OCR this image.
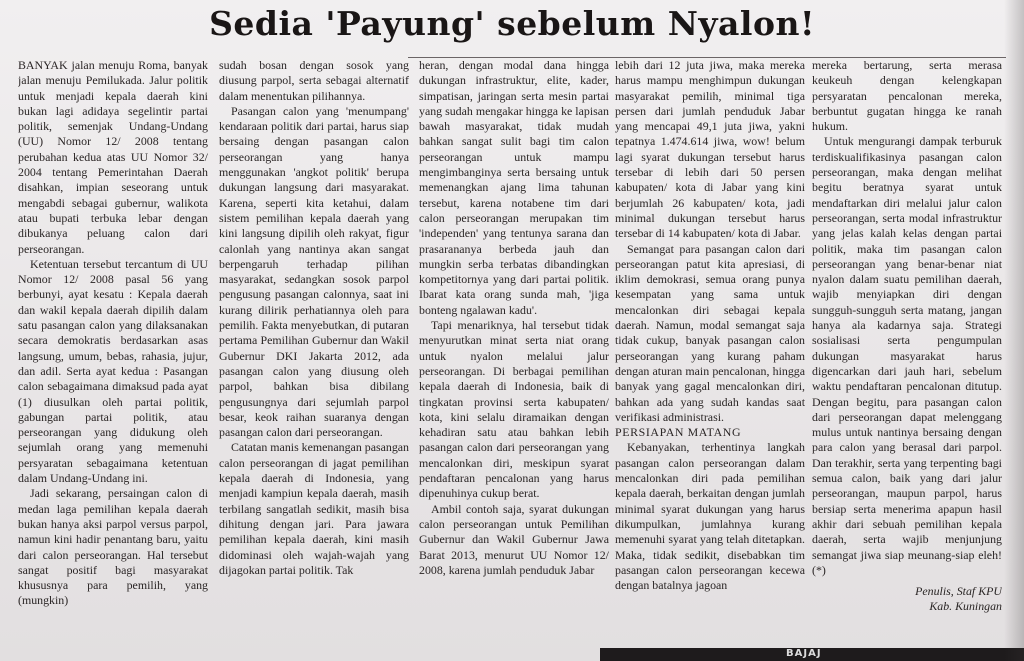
Sedia 'Payung' sebelum Nyalon!

BANYAK jalan menuju Roma, banyak jalan menuju Pemilukada. Jalur politik untuk menjadi kepala daerah kini bukan lagi adidaya segelintir partai politik, semenjak Undang-Undang (UU) Nomor 12/ 2008 tentang perubahan kedua atas UU Nomor 32/ 2004 tentang Pemerintahan Daerah disahkan, impian seseorang untuk mengabdi sebagai gubernur, walikota atau bupati terbuka lebar dengan dibukanya peluang calon dari perseorangan.

Ketentuan tersebut tercantum di UU Nomor 12/ 2008 pasal 56 yang berbunyi, ayat kesatu : Kepala daerah dan wakil kepala daerah dipilih dalam satu pasangan calon yang dilaksanakan secara demokratis berdasarkan asas langsung, umum, bebas, rahasia, jujur, dan adil. Serta ayat kedua : Pasangan calon sebagaimana dimaksud pada ayat (1) diusulkan oleh partai politik, gabungan partai politik, atau perseorangan yang didukung oleh sejumlah orang yang memenuhi persyaratan sebagaimana ketentuan dalam Undang-Undang ini.

Jadi sekarang, persaingan calon di medan laga pemilihan kepala daerah bukan hanya aksi parpol versus parpol, namun kini hadir penantang baru, yaitu dari calon perseorangan. Hal tersebut sangat positif bagi masyarakat khususnya para pemilih, yang (mungkin)

sudah bosan dengan sosok yang diusung parpol, serta sebagai alternatif dalam menentukan pilihannya.

Pasangan calon yang 'menumpang' kendaraan politik dari partai, harus siap bersaing dengan pasangan calon perseorangan yang hanya menggunakan 'angkot politik' berupa dukungan langsung dari masyarakat. Karena, seperti kita ketahui, dalam sistem pemilihan kepala daerah yang kini langsung dipilih oleh rakyat, figur calonlah yang nantinya akan sangat berpengaruh terhadap pilihan masyarakat, sedangkan sosok parpol pengusung pasangan calonnya, saat ini kurang dilirik perhatiannya oleh para pemilih. Fakta menyebutkan, di putaran pertama Pemilihan Gubernur dan Wakil Gubernur DKI Jakarta 2012, ada pasangan calon yang diusung oleh parpol, bahkan bisa dibilang pengusungnya dari sejumlah parpol besar, keok raihan suaranya dengan pasangan calon dari perseorangan.

Catatan manis kemenangan pasangan calon perseorangan di jagat pemilihan kepala daerah di Indonesia, yang menjadi kampiun kepala daerah, masih terbilang sangatlah sedikit, masih bisa dihitung dengan jari. Para jawara pemilihan kepala daerah, kini masih didominasi oleh wajah-wajah yang dijagokan partai politik. Tak

heran, dengan modal dana hingga dukungan infrastruktur, elite, kader, simpatisan, jaringan serta mesin partai yang sudah mengakar hingga ke lapisan bawah masyarakat, tidak mudah bahkan sangat sulit bagi tim calon perseorangan untuk mampu mengimbanginya serta bersaing untuk memenangkan ajang lima tahunan tersebut, karena notabene tim dari calon perseorangan merupakan tim 'independen' yang tentunya sarana dan prasarananya berbeda jauh dan mungkin serba terbatas dibandingkan kompetitornya yang dari partai politik. Ibarat kata orang sunda mah, 'jiga bonteng ngalawan kadu'.

Tapi menariknya, hal tersebut tidak menyurutkan minat serta niat orang untuk nyalon melalui jalur perseorangan. Di berbagai pemilihan kepala daerah di Indonesia, baik di tingkatan provinsi serta kabupaten/ kota, kini selalu diramaikan dengan kehadiran satu atau bahkan lebih pasangan calon dari perseorangan yang mencalonkan diri, meskipun syarat pendaftaran pencalonan yang harus dipenuhinya cukup berat.

Ambil contoh saja, syarat dukungan calon perseorangan untuk Pemilihan Gubernur dan Wakil Gubernur Jawa Barat 2013, menurut UU Nomor 12/ 2008, karena jumlah penduduk Jabar

lebih dari 12 juta jiwa, maka mereka harus mampu menghimpun dukungan masyarakat pemilih, minimal tiga persen dari jumlah penduduk Jabar yang mencapai 49,1 juta jiwa, yakni tepatnya 1.474.614 jiwa, wow! belum lagi syarat dukungan tersebut harus tersebar di lebih dari 50 persen kabupaten/ kota di Jabar yang kini berjumlah 26 kabupaten/ kota, jadi minimal dukungan tersebut harus tersebar di 14 kabupaten/ kota di Jabar.

Semangat para pasangan calon dari perseorangan patut kita apresiasi, di iklim demokrasi, semua orang punya kesempatan yang sama untuk mencalonkan diri sebagai kepala daerah. Namun, modal semangat saja tidak cukup, banyak pasangan calon perseorangan yang kurang paham dengan aturan main pencalonan, hingga banyak yang gagal mencalonkan diri, bahkan ada yang sudah kandas saat verifikasi administrasi.

PERSIAPAN MATANG

Kebanyakan, terhentinya langkah pasangan calon perseorangan dalam mencalonkan diri pada pemilihan kepala daerah, berkaitan dengan jumlah minimal syarat dukungan yang harus dikumpulkan, jumlahnya kurang memenuhi syarat yang telah ditetapkan. Maka, tidak sedikit, disebabkan tim pasangan calon perseorangan kecewa dengan batalnya jagoan

mereka bertarung, serta merasa keukeuh dengan kelengkapan persyaratan pencalonan mereka, berbuntut gugatan hingga ke ranah hukum.

Untuk mengurangi dampak terburuk terdiskualifikasinya pasangan calon perseorangan, maka dengan melihat begitu beratnya syarat untuk mendaftarkan diri melalui jalur calon perseorangan, serta modal infrastruktur yang jelas kalah kelas dengan partai politik, maka tim pasangan calon perseorangan yang benar-benar niat nyalon dalam suatu pemilihan daerah, wajib menyiapkan diri dengan sungguh-sungguh serta matang, jangan hanya ala kadarnya saja. Strategi sosialisasi serta pengumpulan dukungan masyarakat harus digencarkan dari jauh hari, sebelum waktu pendaftaran pencalonan ditutup. Dengan begitu, para pasangan calon dari perseorangan dapat melenggang mulus untuk nantinya bersaing dengan para calon yang berasal dari parpol. Dan terakhir, serta yang terpenting bagi semua calon, baik yang dari jalur perseorangan, maupun parpol, harus bersiap serta menerima apapun hasil akhir dari sebuah pemilihan kepala daerah, serta wajib menjunjung semangat jiwa siap meunang-siap eleh! (*)

Penulis, Staf KPU
Kab. Kuningan

BAJAJ
